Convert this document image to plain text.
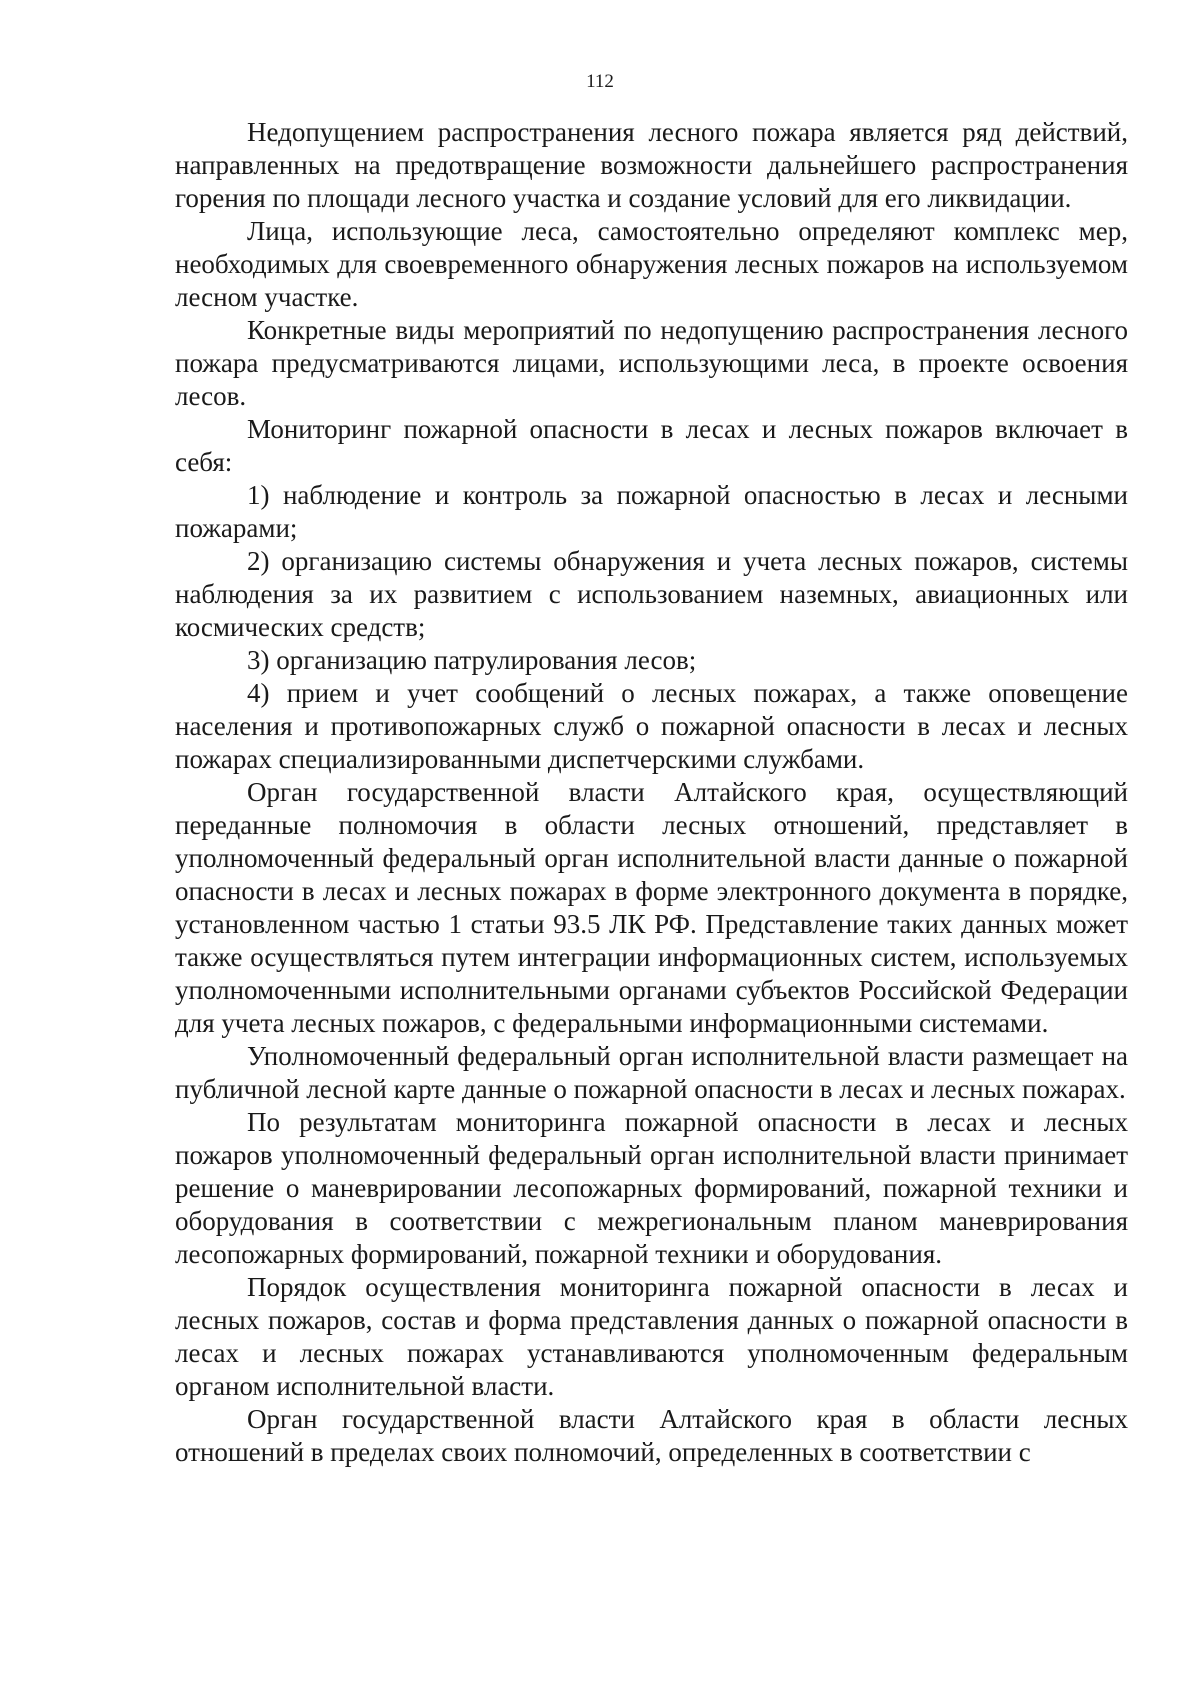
112

Недопущением распространения лесного пожара является ряд действий, направленных на предотвращение возможности дальнейшего распространения горения по площади лесного участка и создание условий для его ликвидации.

Лица, использующие леса, самостоятельно определяют комплекс мер, необходимых для своевременного обнаружения лесных пожаров на используемом лесном участке.

Конкретные виды мероприятий по недопущению распространения лесного пожара предусматриваются лицами, использующими леса, в проекте освоения лесов.

Мониторинг пожарной опасности в лесах и лесных пожаров включает в себя:

1) наблюдение и контроль за пожарной опасностью в лесах и лесными пожарами;

2) организацию системы обнаружения и учета лесных пожаров, системы наблюдения за их развитием с использованием наземных, авиационных или космических средств;

3) организацию патрулирования лесов;

4) прием и учет сообщений о лесных пожарах, а также оповещение населения и противопожарных служб о пожарной опасности в лесах и лесных пожарах специализированными диспетчерскими службами.

Орган государственной власти Алтайского края, осуществляющий переданные полномочия в области лесных отношений, представляет в уполномоченный федеральный орган исполнительной власти данные о пожарной опасности в лесах и лесных пожарах в форме электронного документа в порядке, установленном частью 1 статьи 93.5 ЛК РФ. Представление таких данных может также осуществляться путем интеграции информационных систем, используемых уполномоченными исполнительными органами субъектов Российской Федерации для учета лесных пожаров, с федеральными информационными системами.

Уполномоченный федеральный орган исполнительной власти размещает на публичной лесной карте данные о пожарной опасности в лесах и лесных пожарах.

По результатам мониторинга пожарной опасности в лесах и лесных пожаров уполномоченный федеральный орган исполнительной власти принимает решение о маневрировании лесопожарных формирований, пожарной техники и оборудования в соответствии с межрегиональным планом маневрирования лесопожарных формирований, пожарной техники и оборудования.

Порядок осуществления мониторинга пожарной опасности в лесах и лесных пожаров, состав и форма представления данных о пожарной опасности в лесах и лесных пожарах устанавливаются уполномоченным федеральным органом исполнительной власти.

Орган государственной власти Алтайского края в области лесных отношений в пределах своих полномочий, определенных в соответствии с
